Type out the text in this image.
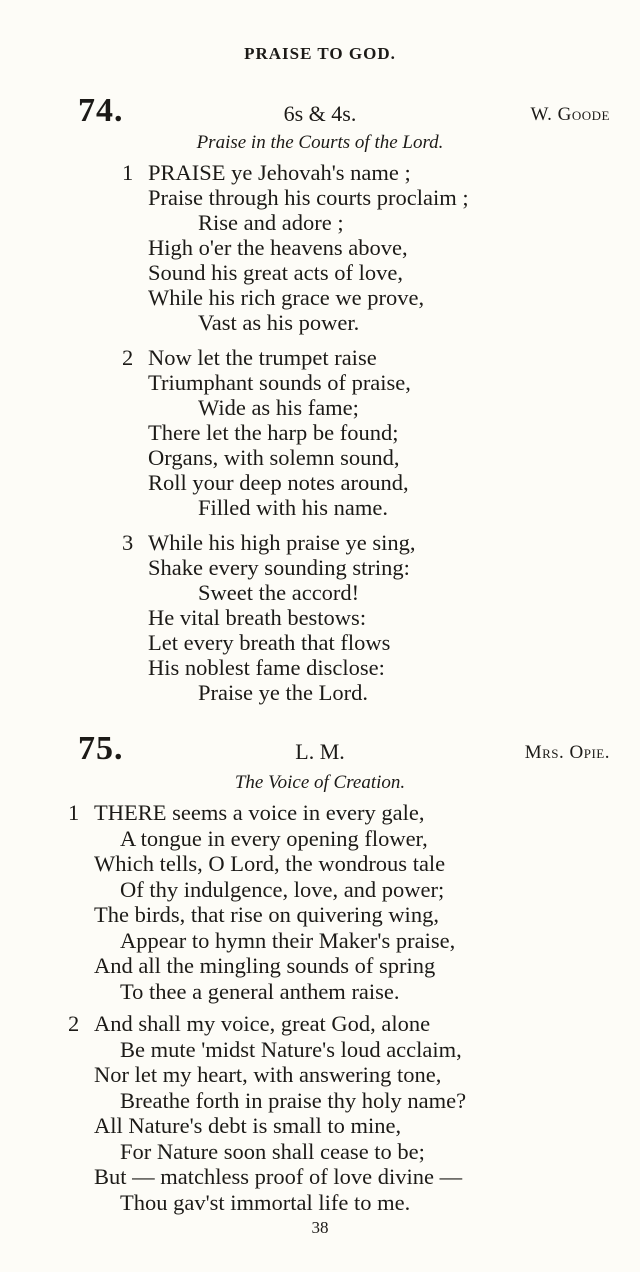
PRAISE TO GOD.
74.	6s & 4s.	W. Goode
Praise in the Courts of the Lord.
1 PRAISE ye Jehovah's name ;
Praise through his courts proclaim ;
Rise and adore ;
High o'er the heavens above,
Sound his great acts of love,
While his rich grace we prove,
Vast as his power.
2 Now let the trumpet raise
Triumphant sounds of praise,
Wide as his fame;
There let the harp be found;
Organs, with solemn sound,
Roll your deep notes around,
Filled with his name.
3 While his high praise ye sing,
Shake every sounding string:
Sweet the accord!
He vital breath bestows:
Let every breath that flows
His noblest fame disclose:
Praise ye the Lord.
75.	L. M.	Mrs. Opie.
The Voice of Creation.
1 THERE seems a voice in every gale,
A tongue in every opening flower,
Which tells, O Lord, the wondrous tale
Of thy indulgence, love, and power;
The birds, that rise on quivering wing,
Appear to hymn their Maker's praise,
And all the mingling sounds of spring
To thee a general anthem raise.
2 And shall my voice, great God, alone
Be mute 'midst Nature's loud acclaim,
Nor let my heart, with answering tone,
Breathe forth in praise thy holy name?
All Nature's debt is small to mine,
For Nature soon shall cease to be;
But — matchless proof of love divine —
Thou gav'st immortal life to me.
38
